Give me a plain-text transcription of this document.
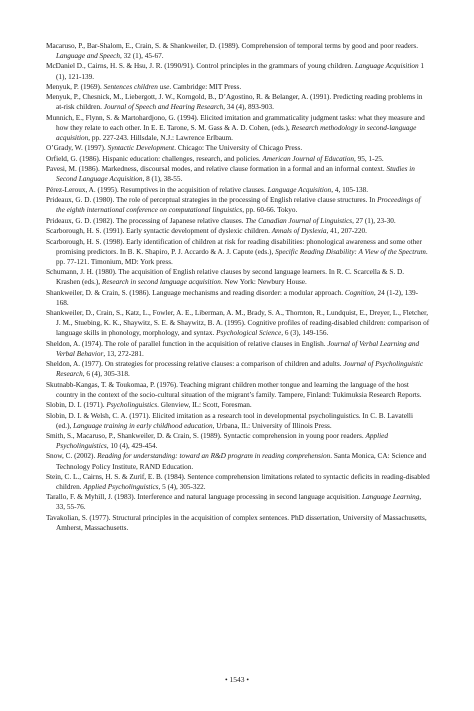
Macaruso, P., Bar-Shalom, E., Crain, S. & Shankweiler, D. (1989). Comprehension of temporal terms by good and poor readers. Language and Speech, 32 (1), 45-67.

McDaniel D., Cairns, H. S. & Hsu, J. R. (1990/91). Control principles in the grammars of young children. Language Acquisition 1 (1), 121-139.

Menyuk, P. (1969). Sentences children use. Cambridge: MIT Press.

Menyuk, P., Chesnick, M., Liebergott, J. W., Korngold, B., D’Agostino, R. & Belanger, A. (1991). Predicting reading problems in at-risk children. Journal of Speech and Hearing Research, 34 (4), 893-903.

Munnich, E., Flynn, S. & Martohardjono, G. (1994). Elicited imitation and grammaticality judgment tasks: what they measure and how they relate to each other. In E. E. Tarone, S. M. Gass & A. D. Cohen, (eds.), Research methodology in second-language acquisition, pp. 227-243. Hillsdale, N.J.: Lawrence Erlbaum.

O’Grady, W. (1997). Syntactic Development. Chicago: The University of Chicago Press.

Orfield, G. (1986). Hispanic education: challenges, research, and policies. American Journal of Education, 95, 1-25.

Pavesi, M. (1986). Markedness, discoursal modes, and relative clause formation in a formal and an informal context. Studies in Second Language Acquisition, 8 (1), 38-55.

Pérez-Leroux, A. (1995). Resumptives in the acquisition of relative clauses. Language Acquisition, 4, 105-138.

Prideaux, G. D. (1980). The role of perceptual strategies in the processing of English relative clause structures. In Proceedings of the eighth international conference on computational linguistics, pp. 60-66. Tokyo.

Prideaux, G. D. (1982). The processing of Japanese relative clauses. The Canadian Journal of Linguistics, 27 (1), 23-30.

Scarborough, H. S. (1991). Early syntactic development of dyslexic children. Annals of Dyslexia, 41, 207-220.

Scarborough, H. S. (1998). Early identification of children at risk for reading disabilities: phonological awareness and some other promising predictors. In B. K. Shapiro, P. J. Accardo & A. J. Capute (eds.), Specific Reading Disability: A View of the Spectrum. pp. 77-121. Timonium, MD: York press.

Schumann, J. H. (1980). The acquisition of English relative clauses by second language learners. In R. C. Scarcella & S. D. Krashen (eds.), Research in second language acquisition. New York: Newbury House.

Shankweiler, D. & Crain, S. (1986). Language mechanisms and reading disorder: a modular approach. Cognition, 24 (1-2), 139-168.

Shankweiler, D., Crain, S., Katz, L., Fowler, A. E., Liberman, A. M., Brady, S. A., Thornton, R., Lundquist, E., Dreyer, L., Fletcher, J. M., Stuebing, K. K., Shaywitz, S. E. & Shaywitz, B. A. (1995). Cognitive profiles of reading-disabled children: comparison of language skills in phonology, morphology, and syntax. Psychological Science, 6 (3), 149-156.

Sheldon, A. (1974). The role of parallel function in the acquisition of relative clauses in English. Journal of Verbal Learning and Verbal Behavior, 13, 272-281.

Sheldon, A. (1977). On strategies for processing relative clauses: a comparison of children and adults. Journal of Psycholinguistic Research, 6 (4), 305-318.

Skutnabb-Kangas, T. & Toukomaa, P. (1976). Teaching migrant children mother tongue and learning the language of the host country in the context of the socio-cultural situation of the migrant’s family. Tampere, Finland: Tukimuksia Research Reports.

Slobin, D. I. (1971). Psycholinguistics. Glenview, IL: Scott, Foresman.

Slobin, D. I. & Welsh, C. A. (1971). Elicited imitation as a research tool in developmental psycholinguistics. In C. B. Lavatelli (ed.), Language training in early childhood education, Urbana, IL: University of Illinois Press.

Smith, S., Macaruso, P., Shankweiler, D. & Crain, S. (1989). Syntactic comprehension in young poor readers. Applied Psycholinguistics, 10 (4), 429-454.

Snow, C. (2002). Reading for understanding: toward an R&D program in reading comprehension. Santa Monica, CA: Science and Technology Policy Institute, RAND Education.

Stein, C. L., Cairns, H. S. & Zurif, E. B. (1984). Sentence comprehension limitations related to syntactic deficits in reading-disabled children. Applied Psycholinguistics, 5 (4), 305-322.

Tarallo, F. & Myhill, J. (1983). Interference and natural language processing in second language acquisition. Language Learning, 33, 55-76.

Tavakolian, S. (1977). Structural principles in the acquisition of complex sentences. PhD dissertation, University of Massachusetts, Amherst, Massachusetts.

• 1543 •
